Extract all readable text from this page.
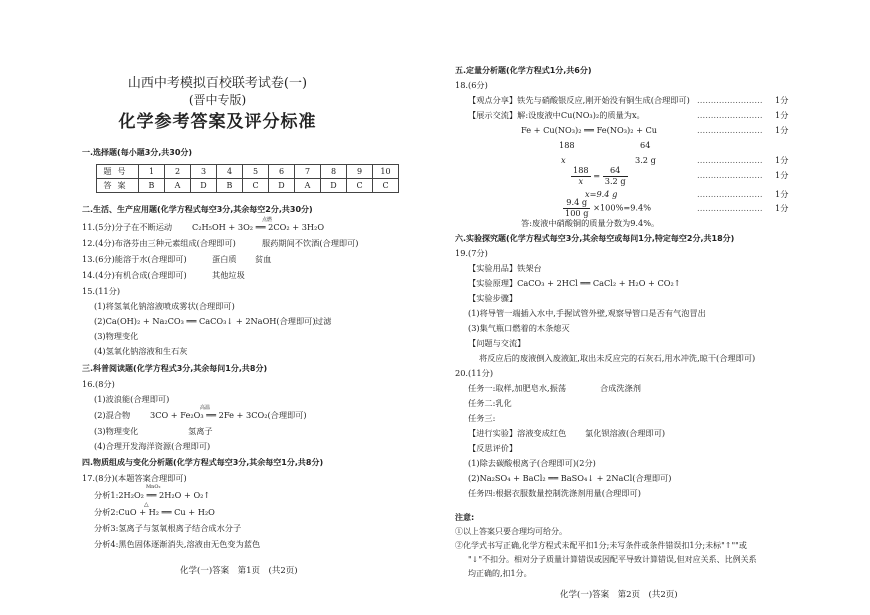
山西中考模拟百校联考试卷(一)
(晋中专版)
化学参考答案及评分标准
一.选择题(每小题3分,共30分)
题号	1	2	3	4	5	6	7	8	9	10
答案	B	A	D	B	C	D	A	D	C	C
二.生活、生产应用题(化学方程式每空3分,其余每空2分,共30分)
11.(5分)分子在不断运动
点燃
C₂H₅OH + 3O₂ ══ 2CO₂ + 3H₂O
12.(4分)布洛芬由三种元素组成(合理即可)	服药期间不饮酒(合理即可)
13.(6分)能溶于水(合理即可)	蛋白质 贫血
14.(4分)有机合成(合理即可)	其他垃圾
15.(11分)
(1)将氢氧化钠溶液喷成雾状(合理即可)
(2)Ca(OH)₂ + Na₂CO₃ ══ CaCO₃↓ + 2NaOH(合理即可) 过滤
(3)物理变化
(4)氢氧化钠溶液和生石灰
三.科普阅读题(化学方程式3分,其余每问1分,共8分)
16.(8分)
(1)波浪能(合理即可)
(2)混合物
高温
3CO + Fe₂O₃ ══ 2Fe + 3CO₂(合理即可)
(3)物理变化	氢离子
(4)合理开发海洋资源(合理即可)
四.物质组成与变化分析题(化学方程式每空3分,其余每空1分,共8分)
17.(8分)(本题答案合理即可)
MnO₂
分析1:2H₂O₂ ══ 2H₂O + O₂↑
△
分析2:CuO + H₂ ══ Cu + H₂O
分析3:氢离子与氢氧根离子结合成水分子
分析4:黑色固体逐渐消失,溶液由无色变为蓝色
化学(一)答案　第1页　(共2页)
五.定量分析题(化学方程式1分,共6分)
18.(6分)
【观点分享】铁先与硝酸银反应,刚开始没有铜生成(合理即可) …………………… 1分
【展示交流】解:设废液中Cu(NO₃)₂的质量为x。	…………………… 1分
Fe + Cu(NO₃)₂ ══ Fe(NO₃)₂ + Cu	…………………… 1分
188	64
x	3.2 g	…………………… 1分
$\frac{188}{x} = \frac{64}{3.2 g}$	…………………… 1分
x=9.4 g	…………………… 1分
$\frac{9.4 g}{100 g} \times 100\%=9.4\%$	…………………… 1分
答:废液中硝酸铜的质量分数为9.4%。
六.实验探究题(化学方程式每空3分,其余每空或每问1分,特定每空2分,共18分)
19.(7分)
【实验用品】铁架台
【实验原理】CaCO₃ + 2HCl ══ CaCl₂ + H₂O + CO₂↑
【实验步骤】
(1)将导管一端插入水中,手握试管外壁,观察导管口是否有气泡冒出
(3)集气瓶口燃着的木条熄灭
【问题与交流】
将反应后的废液倒入废液缸,取出未反应完的石灰石,用水冲洗,晾干(合理即可)
20.(11分)
任务一:取样,加肥皂水,振荡	合成洗涤剂
任务二:乳化
任务三:
【进行实验】溶液变成红色 氯化钡溶液(合理即可)
【反思评价】
(1)除去碳酸根离子(合理即可)(2分)
(2)Na₂SO₄ + BaCl₂ ══ BaSO₄↓ + 2NaCl(合理即可)
任务四:根据衣服数量控制洗涤剂用量(合理即可)
注意:
①以上答案只要合理均可给分。
②化学式书写正确,化学方程式未配平扣1分;未写条件或条件错误扣1分;未标"↑""或
"↓"不扣分。相对分子质量计算错误或因配平导致计算错误,但对应关系、比例关系
均正确的,扣1分。
化学(一)答案　第2页　(共2页)
